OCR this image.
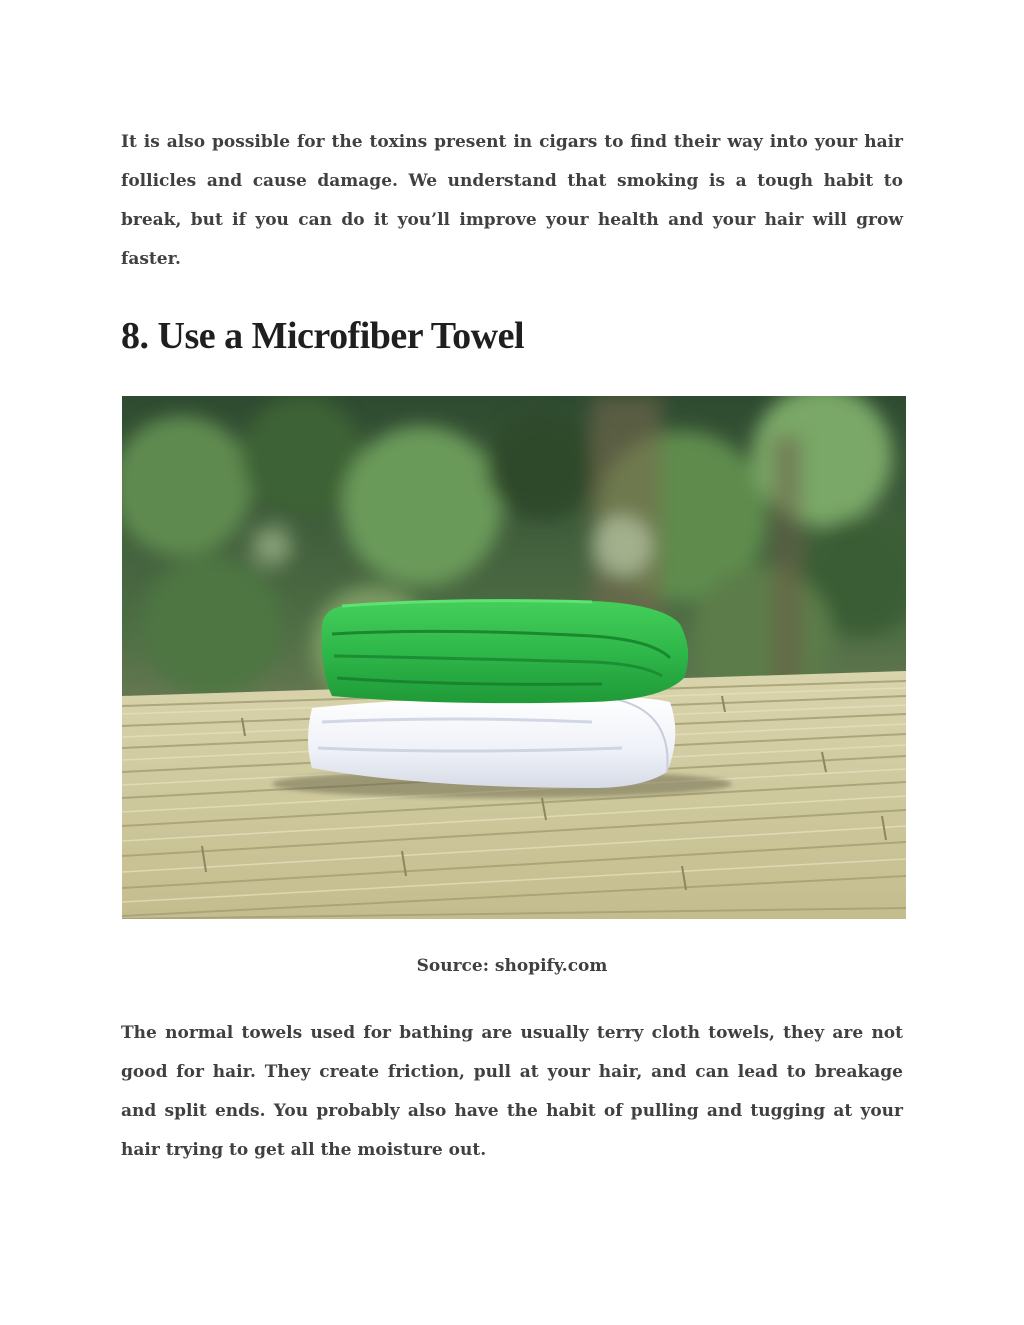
It is also possible for the toxins present in cigars to find their way into your hair follicles and cause damage. We understand that smoking is a tough habit to break, but if you can do it you’ll improve your health and your hair will grow faster.

8. Use a Microfiber Towel

Source: shopify.com

The normal towels used for bathing are usually terry cloth towels, they are not good for hair. They create friction, pull at your hair, and can lead to breakage and split ends. You probably also have the habit of pulling and tugging at your hair trying to get all the moisture out.
